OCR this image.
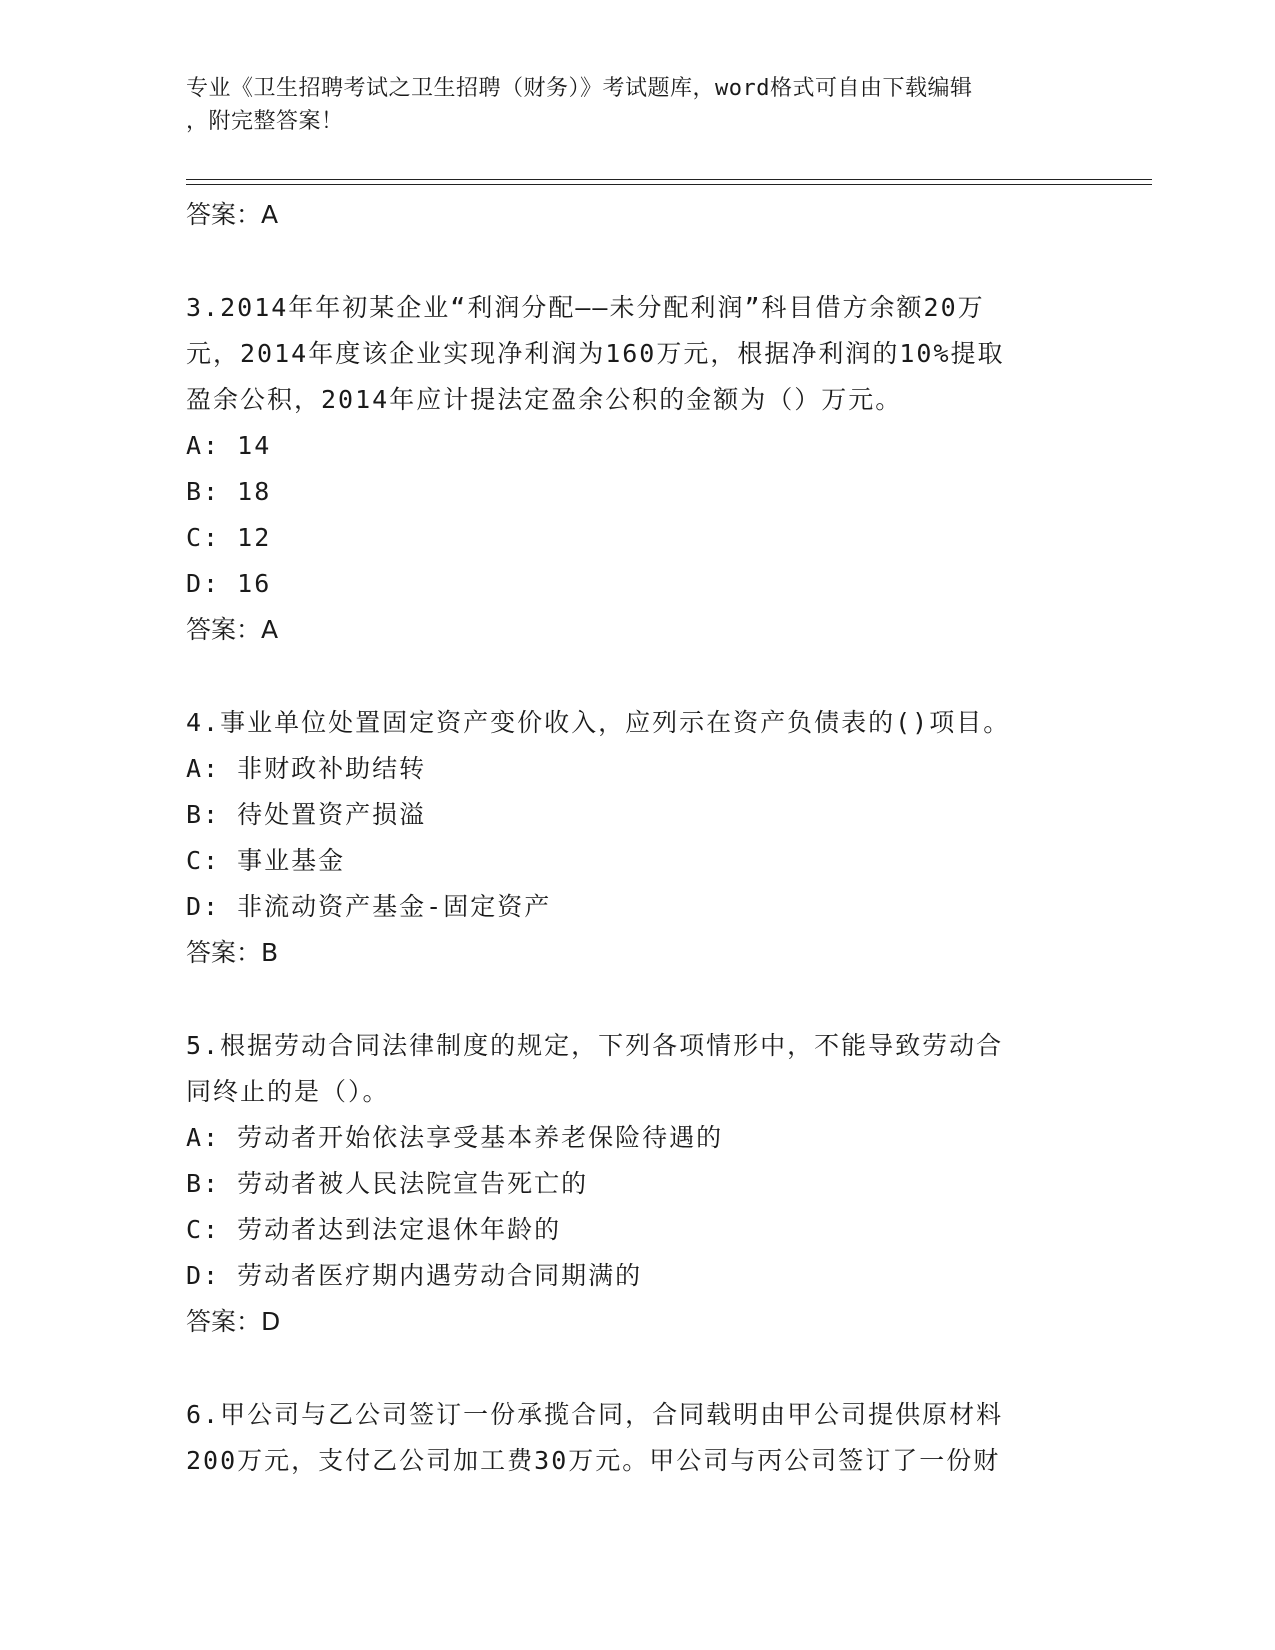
专业《卫生招聘考试之卫生招聘（财务）》考试题库，word格式可自由下载编辑
，附完整答案！
答案：A
3.2014年年初某企业“利润分配——未分配利润”科目借方余额20万
元，2014年度该企业实现净利润为160万元，根据净利润的10%提取
盈余公积，2014年应计提法定盈余公积的金额为（）万元。
A: 14
B: 18
C: 12
D: 16
答案：A
4.事业单位处置固定资产变价收入，应列示在资产负债表的()项目。
A: 非财政补助结转
B: 待处置资产损溢
C: 事业基金
D: 非流动资产基金-固定资产
答案：B
5.根据劳动合同法律制度的规定，下列各项情形中，不能导致劳动合
同终止的是（）。
A: 劳动者开始依法享受基本养老保险待遇的
B: 劳动者被人民法院宣告死亡的
C: 劳动者达到法定退休年龄的
D: 劳动者医疗期内遇劳动合同期满的
答案：D
6.甲公司与乙公司签订一份承揽合同，合同载明由甲公司提供原材料
200万元，支付乙公司加工费30万元。甲公司与丙公司签订了一份财
